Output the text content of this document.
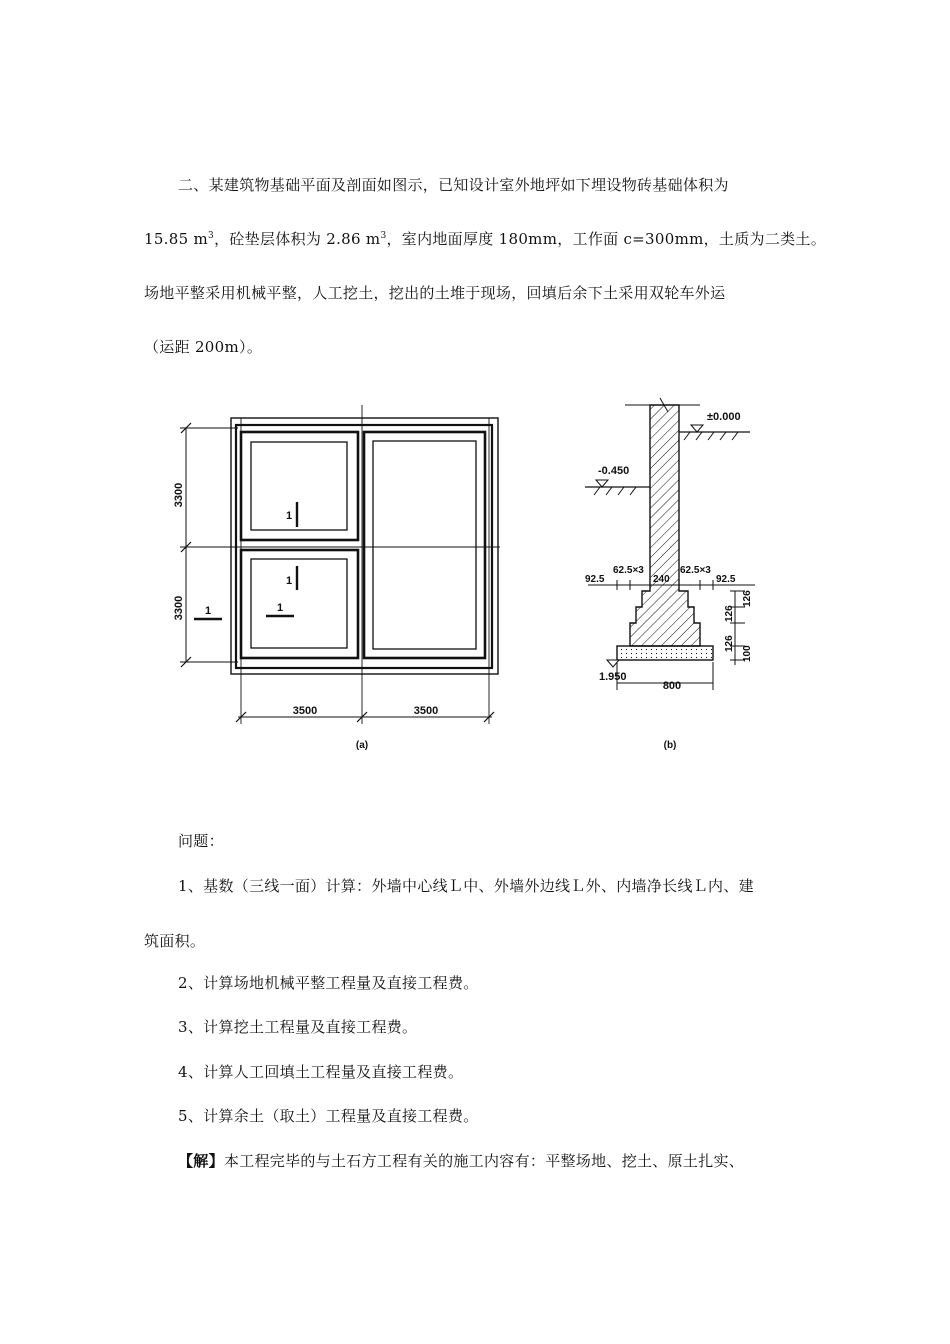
二、某建筑物基础平面及剖面如图示，已知设计室外地坪如下埋设物砖基础体积为
15.85 $m^3$，砼垫层体积为 2.86 $m^3$，室内地面厚度 180mm，工作面 c=300mm，土质为二类土。
场地平整采用机械平整，人工挖土，挖出的土堆于现场，回填后余下土采用双轮车外运
（运距 200m）。
3300
3300
3500	3500
1
1
1	1
(a)
±0.000
-0.450
1.950
92.5
62.5×3
240
62.5×3
92.5
126
126
126
100
800
(b)
问题：
1、基数（三线一面）计算：外墙中心线Ｌ中、外墙外边线Ｌ外、内墙净长线Ｌ内、建
筑面积。
2、计算场地机械平整工程量及直接工程费。
3、计算挖土工程量及直接工程费。
4、计算人工回填土工程量及直接工程费。
5、计算余土（取土）工程量及直接工程费。
【解】本工程完毕的与土石方工程有关的施工内容有：平整场地、挖土、原土扎实、
